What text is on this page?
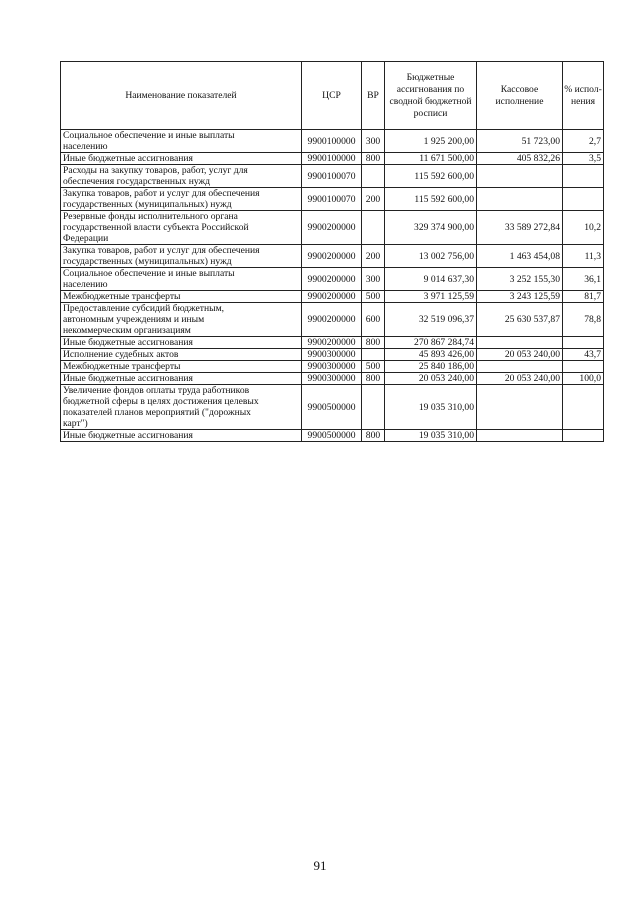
Наименование показателей	ЦСР	ВР	Бюджетные ассигнования по сводной бюджетной росписи	Кассовое исполнение	% испол-нения
Социальное обеспечение и иные выплаты
населению	9900100000	300	1 925 200,00	51 723,00	2,7
Иные бюджетные ассигнования	9900100000	800	11 671 500,00	405 832,26	3,5
Расходы на закупку товаров, работ, услуг для
обеспечения государственных нужд	9900100070		115 592 600,00		
Закупка товаров, работ и услуг для обеспечения
государственных (муниципальных) нужд	9900100070	200	115 592 600,00		
Резервные фонды исполнительного органа
государственной власти субъекта Российской
Федерации	9900200000		329 374 900,00	33 589 272,84	10,2
Закупка товаров, работ и услуг для обеспечения
государственных (муниципальных) нужд	9900200000	200	13 002 756,00	1 463 454,08	11,3
Социальное обеспечение и иные выплаты
населению	9900200000	300	9 014 637,30	3 252 155,30	36,1
Межбюджетные трансферты	9900200000	500	3 971 125,59	3 243 125,59	81,7
Предоставление субсидий бюджетным,
автономным учреждениям и иным
некоммерческим организациям	9900200000	600	32 519 096,37	25 630 537,87	78,8
Иные бюджетные ассигнования	9900200000	800	270 867 284,74		
Исполнение судебных актов	9900300000		45 893 426,00	20 053 240,00	43,7
Межбюджетные трансферты	9900300000	500	25 840 186,00		
Иные бюджетные ассигнования	9900300000	800	20 053 240,00	20 053 240,00	100,0
Увеличение фондов оплаты труда работников
бюджетной сферы в целях достижения целевых
показателей планов мероприятий ("дорожных
карт")	9900500000		19 035 310,00		
Иные бюджетные ассигнования	9900500000	800	19 035 310,00		
91
